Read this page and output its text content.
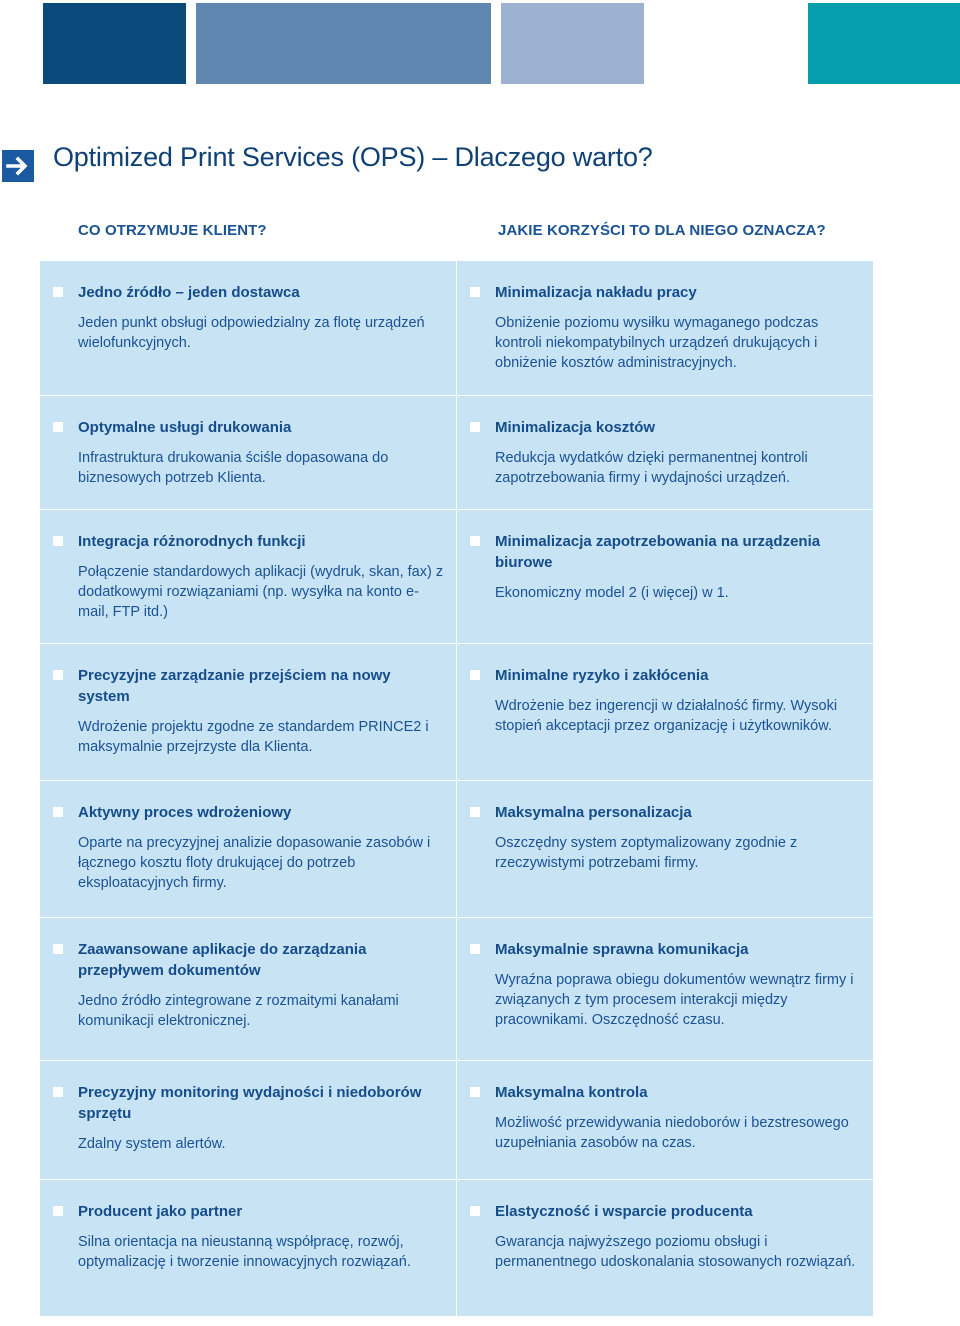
Optimized Print Services (OPS) – Dlaczego warto?
CO OTRZYMUJE KLIENT?	JAKIE KORZYŚCI TO DLA NIEGO OZNACZA?

Jedno źródło – jeden dostawca

Jeden punkt obsługi odpowiedzialny za flotę urządzeń wielofunkcyjnych.

Minimalizacja nakładu pracy

Obniżenie poziomu wysiłku wymaganego podczas kontroli niekompatybilnych urządzeń drukujących i obniżenie kosztów administracyjnych.

Optymalne usługi drukowania

Infrastruktura drukowania ściśle dopasowana do biznesowych potrzeb Klienta.

Minimalizacja kosztów

Redukcja wydatków dzięki permanentnej kontroli zapotrzebowania firmy i wydajności urządzeń.

Integracja różnorodnych funkcji

Połączenie standardowych aplikacji (wydruk, skan, fax) z dodatkowymi rozwiązaniami (np. wysyłka na konto e-mail, FTP itd.)

Minimalizacja zapotrzebowania na urządzenia biurowe

Ekonomiczny model 2 (i więcej) w 1.

Precyzyjne zarządzanie przejściem na nowy system

Wdrożenie projektu zgodne ze standardem PRINCE2 i maksymalnie przejrzyste dla Klienta.

Minimalne ryzyko i zakłócenia

Wdrożenie bez ingerencji w działalność firmy. Wysoki stopień akceptacji przez organizację i użytkowników.

Aktywny proces wdrożeniowy

Oparte na precyzyjnej analizie dopasowanie zasobów i łącznego kosztu floty drukującej do potrzeb eksploatacyjnych firmy.

Maksymalna personalizacja

Oszczędny system zoptymalizowany zgodnie z rzeczywistymi potrzebami firmy.

Zaawansowane aplikacje do zarządzania przepływem dokumentów

Jedno źródło zintegrowane z rozmaitymi kanałami komunikacji elektronicznej.

Maksymalnie sprawna komunikacja

Wyraźna poprawa obiegu dokumentów wewnątrz firmy i związanych z tym procesem interakcji między pracownikami. Oszczędność czasu.

Precyzyjny monitoring wydajności i niedoborów sprzętu

Zdalny system alertów.

Maksymalna kontrola

Możliwość przewidywania niedoborów i bezstresowego uzupełniania zasobów na czas.

Producent jako partner

Silna orientacja na nieustanną współpracę, rozwój, optymalizację i tworzenie innowacyjnych rozwiązań.

Elastyczność i wsparcie producenta

Gwarancja najwyższego poziomu obsługi i permanentnego udoskonalania stosowanych rozwiązań.
